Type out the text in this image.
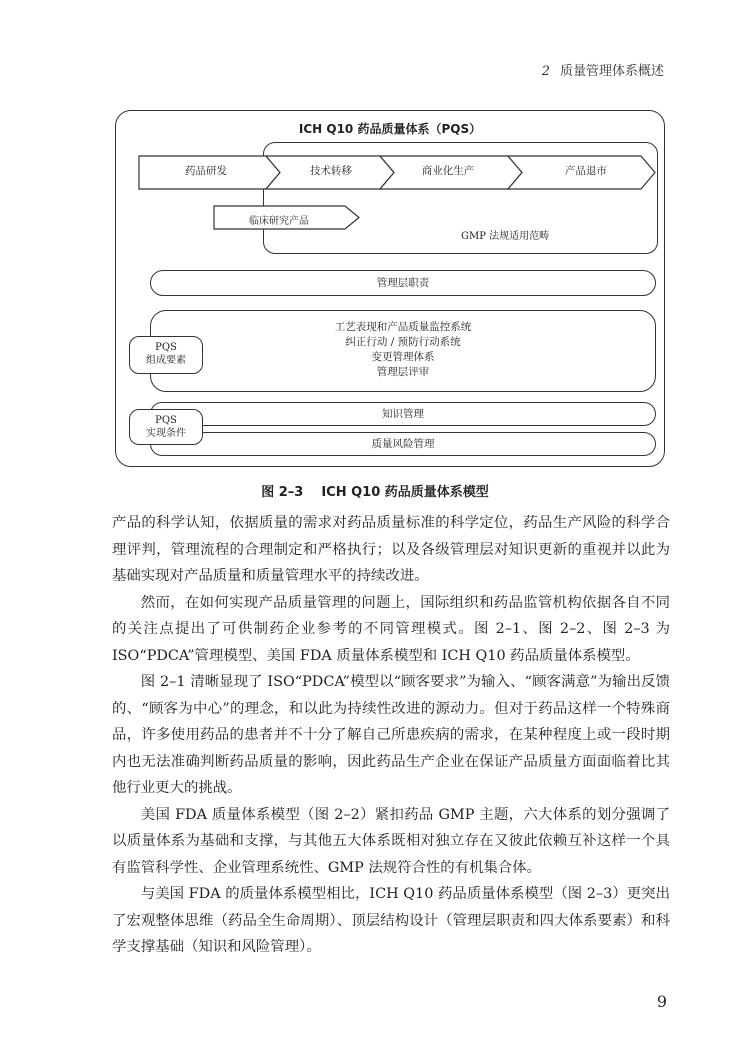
2 质量管理体系概述
ICH Q10 药品质量体系（PQS）
药品研发	技术转移	商业化生产	产品退市
临床研究产品
GMP 法规适用范畴
管理层职责
工艺表现和产品质量监控系统
纠正行动 / 预防行动系统
变更管理体系
管理层评审
PQS
组成要素
知识管理
质量风险管理
PQS
实现条件
图 2–3 ICH Q10 药品质量体系模型

产品的科学认知，依据质量的需求对药品质量标准的科学定位，药品生产风险的科学合理评判，管理流程的合理制定和严格执行；以及各级管理层对知识更新的重视并以此为基础实现对产品质量和质量管理水平的持续改进。

然而，在如何实现产品质量管理的问题上，国际组织和药品监管机构依据各自不同的关注点提出了可供制药企业参考的不同管理模式。图 2–1、图 2–2、图 2–3 为 ISO“PDCA”管理模型、美国 FDA 质量体系模型和 ICH Q10 药品质量体系模型。

图 2–1 清晰显现了 ISO“PDCA”模型以“顾客要求”为输入、“顾客满意”为输出反馈的、“顾客为中心”的理念，和以此为持续性改进的源动力。但对于药品这样一个特殊商品，许多使用药品的患者并不十分了解自己所患疾病的需求，在某种程度上或一段时期内也无法准确判断药品质量的影响，因此药品生产企业在保证产品质量方面面临着比其他行业更大的挑战。

美国 FDA 质量体系模型（图 2–2）紧扣药品 GMP 主题，六大体系的划分强调了以质量体系为基础和支撑，与其他五大体系既相对独立存在又彼此依赖互补这样一个具有监管科学性、企业管理系统性、GMP 法规符合性的有机集合体。

与美国 FDA 的质量体系模型相比，ICH Q10 药品质量体系模型（图 2–3）更突出了宏观整体思维（药品全生命周期）、顶层结构设计（管理层职责和四大体系要素）和科学支撑基础（知识和风险管理）。

9
